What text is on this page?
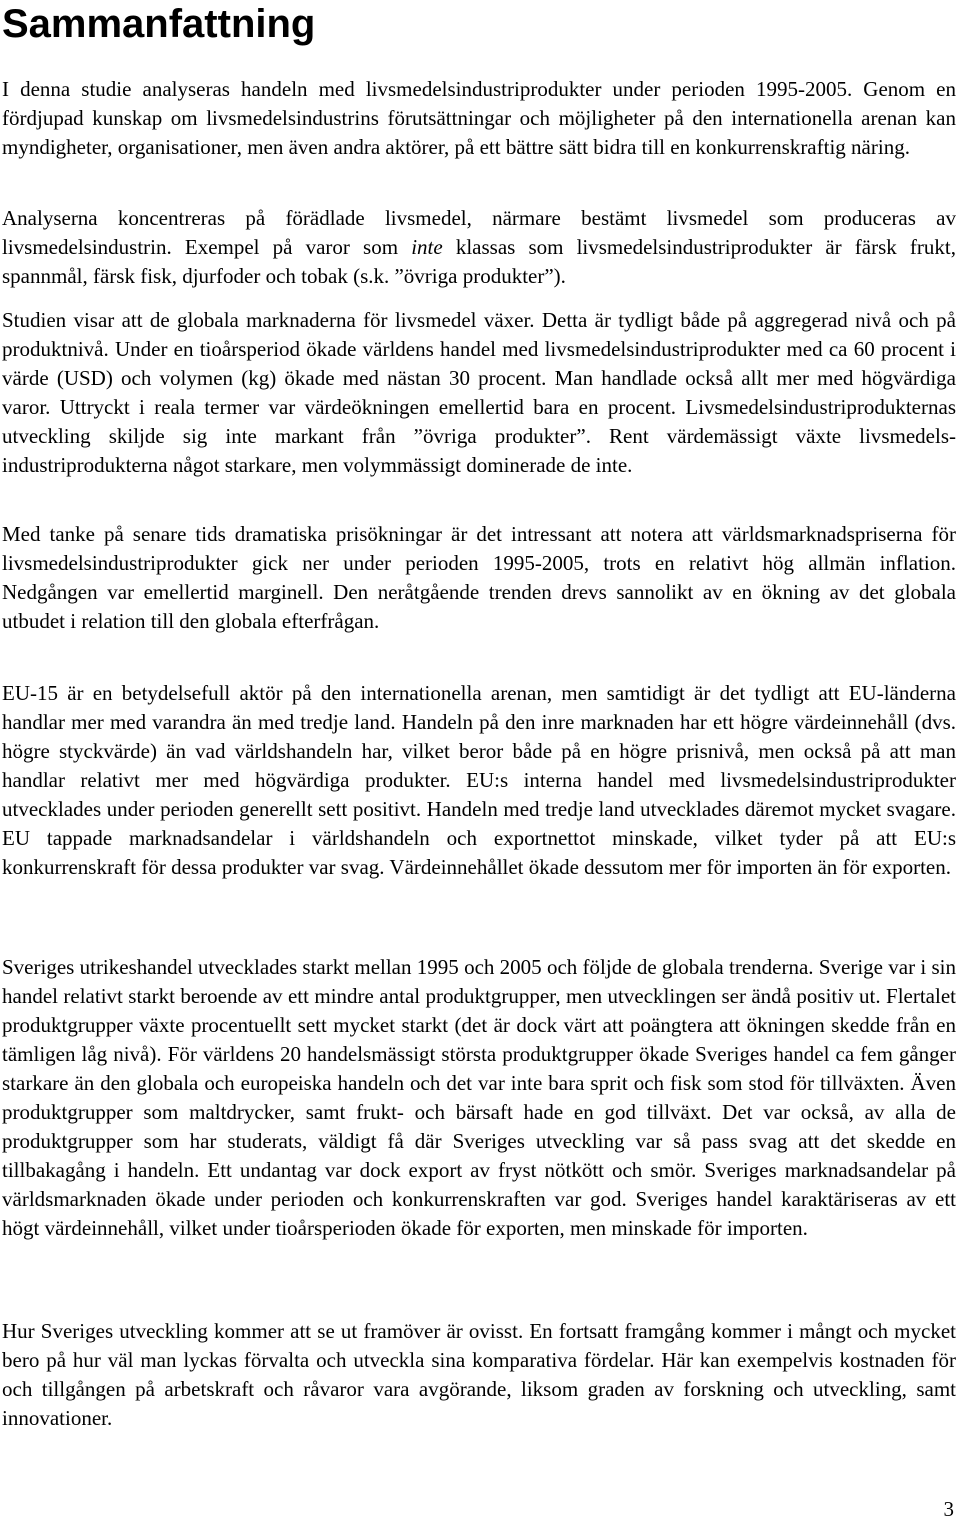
Sammanfattning

I denna studie analyseras handeln med livsmedelsindustriprodukter under perioden 1995-2005. Genom en fördjupad kunskap om livsmedelsindustrins förutsättningar och möjligheter på den internationella arenan kan myndigheter, organisationer, men även andra aktörer, på ett bättre sätt bidra till en konkurrenskraftig näring.

Analyserna koncentreras på förädlade livsmedel, närmare bestämt livsmedel som produceras av livsmedelsindustrin. Exempel på varor som inte klassas som livsmedelsindustriprodukter är färsk frukt, spannmål, färsk fisk, djurfoder och tobak (s.k. ”övriga produkter”).

Studien visar att de globala marknaderna för livsmedel växer. Detta är tydligt både på aggregerad nivå och på produktnivå. Under en tioårsperiod ökade världens handel med livsmedelsindustriprodukter med ca 60 procent i värde (USD) och volymen (kg) ökade med nästan 30 procent. Man handlade också allt mer med högvärdiga varor. Uttryckt i reala termer var värdeökningen emellertid bara en procent. Livsmedelsindustriprodukternas utveckling skiljde sig inte markant från ”övriga produkter”. Rent värdemässigt växte livsmedels-industriprodukterna något starkare, men volymmässigt dominerade de inte.

Med tanke på senare tids dramatiska prisökningar är det intressant att notera att världsmarknadspriserna för livsmedelsindustriprodukter gick ner under perioden 1995-2005, trots en relativt hög allmän inflation. Nedgången var emellertid marginell. Den neråtgående trenden drevs sannolikt av en ökning av det globala utbudet i relation till den globala efterfrågan.

EU-15 är en betydelsefull aktör på den internationella arenan, men samtidigt är det tydligt att EU-länderna handlar mer med varandra än med tredje land. Handeln på den inre marknaden har ett högre värdeinnehåll (dvs. högre styckvärde) än vad världshandeln har, vilket beror både på en högre prisnivå, men också på att man handlar relativt mer med högvärdiga produkter. EU:s interna handel med livsmedelsindustriprodukter utvecklades under perioden generellt sett positivt. Handeln med tredje land utvecklades däremot mycket svagare. EU tappade marknadsandelar i världshandeln och exportnettot minskade, vilket tyder på att EU:s konkurrenskraft för dessa produkter var svag. Värdeinnehållet ökade dessutom mer för importen än för exporten.

Sveriges utrikeshandel utvecklades starkt mellan 1995 och 2005 och följde de globala trenderna. Sverige var i sin handel relativt starkt beroende av ett mindre antal produktgrupper, men utvecklingen ser ändå positiv ut. Flertalet produktgrupper växte procentuellt sett mycket starkt (det är dock värt att poängtera att ökningen skedde från en tämligen låg nivå). För världens 20 handelsmässigt största produktgrupper ökade Sveriges handel ca fem gånger starkare än den globala och europeiska handeln och det var inte bara sprit och fisk som stod för tillväxten. Även produktgrupper som maltdrycker, samt frukt- och bärsaft hade en god tillväxt. Det var också, av alla de produktgrupper som har studerats, väldigt få där Sveriges utveckling var så pass svag att det skedde en tillbakagång i handeln. Ett undantag var dock export av fryst nötkött och smör. Sveriges marknadsandelar på världsmarknaden ökade under perioden och konkurrenskraften var god. Sveriges handel karaktäriseras av ett högt värdeinnehåll, vilket under tioårsperioden ökade för exporten, men minskade för importen.

Hur Sveriges utveckling kommer att se ut framöver är ovisst. En fortsatt framgång kommer i mångt och mycket bero på hur väl man lyckas förvalta och utveckla sina komparativa fördelar. Här kan exempelvis kostnaden för och tillgången på arbetskraft och råvaror vara avgörande, liksom graden av forskning och utveckling, samt innovationer.

3
